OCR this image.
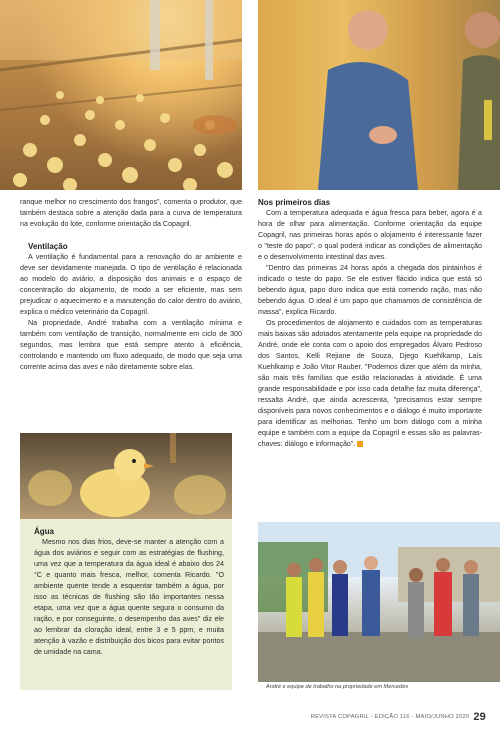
ranque melhor no crescimento dos frangos", comenta o produtor, que também destaca sobre a atenção dada para a curva de temperatura na evolução do lote, conforme orientação da Copagril.

Ventilação

A ventilação é fundamental para a renovação do ar ambiente e deve ser devidamente manejada. O tipo de ventilação é relacionada ao modelo do aviário, a disposição dos animais e o espaço de concentração do alojamento, de modo a ser eficiente, mas sem prejudicar o aquecimento e a manutenção do calor dentro do aviário, explica o médico veterinário da Copagril.

Na propriedade, André trabalha com a ventilação mínima e também com ventilação de transição, normalmente em ciclo de 300 segundos, mas lembra que está sempre atento à eficiência, controlando e mantendo um fluxo adequado, de modo que seja uma corrente acima das aves e não diretamente sobre elas.

Água

Mesmo nos dias frios, deve-se manter a atenção com a água dos aviários e seguir com as estratégias de flushing, uma vez que a temperatura da água ideal é abaixo dos 24 °C e quanto mais fresca, melhor, comenta Ricardo. "O ambiente quente tende a esquentar também a água, por isso as técnicas de flushing são tão importantes nessa etapa, uma vez que a água quente segura o consumo da ração, e por conseguinte, o desempenho das aves" diz ele ao lembrar da cloração ideal, entre 3 e 5 ppm, e muita atenção à vazão e distribuição dos bicos para evitar pontos de umidade na cama.

Nos primeiros dias

Com a temperatura adequada e água fresca para beber, agora é a hora de olhar para alimentação. Conforme orientação da equipe Copagril, nas primeiras horas após o alojamento é interessante fazer o "teste do papo", o qual poderá indicar as condições de alimentação e o desenvolvimento intestinal das aves.

"Dentro das primeiras 24 horas após a chegada dos pintainhos é indicado o teste do papo. Se ele estiver flácido indica que está só bebendo água, papo duro indica que está comendo ração, mas não bebendo água. O ideal é um papo que chamamos de consistência de massa", explica Ricardo.

Os procedimentos de alojamento e cuidados com as temperaturas mais baixas são adotados atentamente pela equipe na propriedade do André, onde ele conta com o apoio dos empregados Álvaro Pedroso dos Santos, Kelli Rejiane de Souza, Djego Kuehlkamp, Laís Kuehlkamp e João Vitor Rauber. "Podemos dizer que além da minha, são mais três famílias que estão relacionadas à atividade. É uma grande responsabilidade e por isso cada detalhe faz muita diferença", ressalta André, que ainda acrescenta, "precisamos estar sempre disponíveis para novos conhecimentos e o diálogo é muito importante para identificar as melhorias. Tenho um bom diálogo com a minha equipe e também com a equipe da Copagril e essas são as palavras-chaves: diálogo e informação".

André e equipe de trabalho na propriedade em Mercedes
REVISTA COPAGRIL - EDIÇÃO 116 - MAIO/JUNHO 2020 29
